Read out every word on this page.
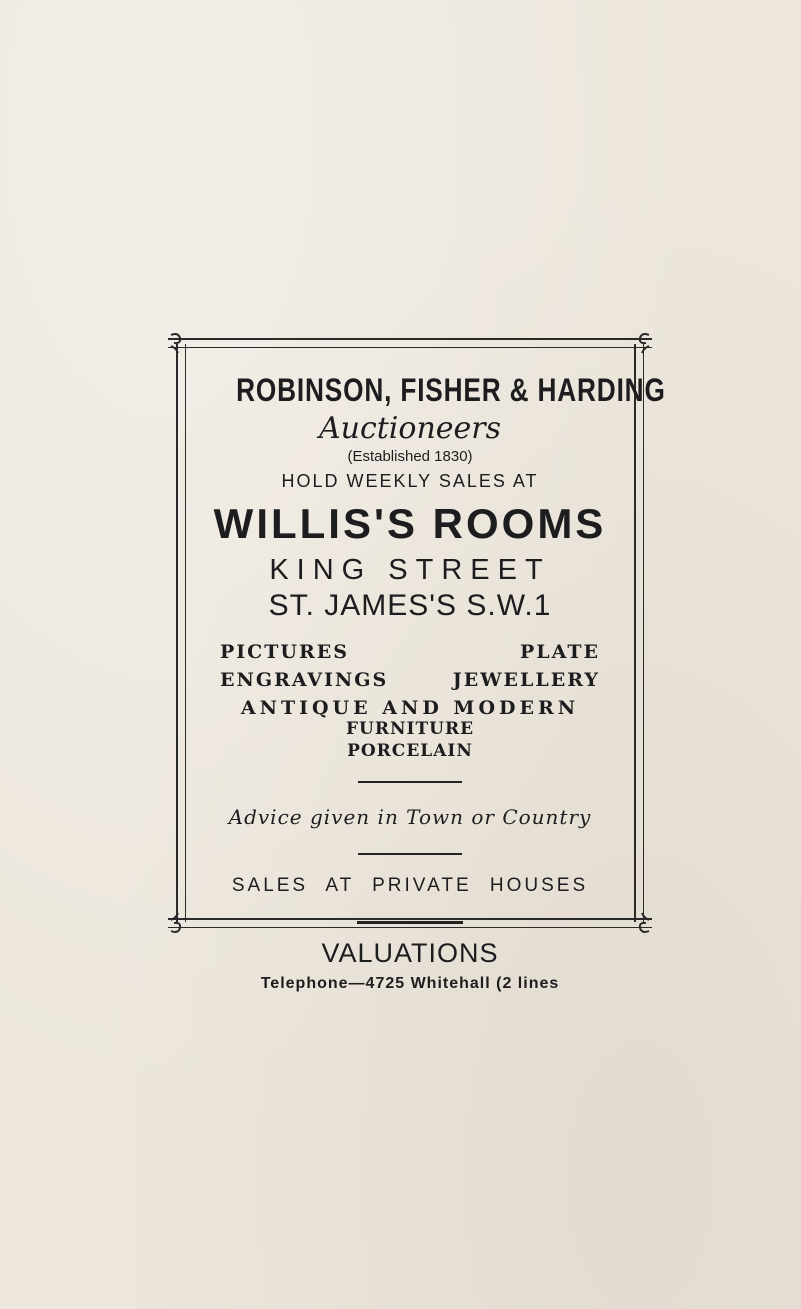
ROBINSON, FISHER & HARDING

Auctioneers

(Established 1830)

HOLD WEEKLY SALES AT

WILLIS'S ROOMS

KING STREET

ST. JAMES'S S.W.1

PICTURES	PLATE
ENGRAVINGS	JEWELLERY

ANTIQUE AND MODERN

FURNITURE

PORCELAIN

Advice given in Town or Country

SALES AT PRIVATE HOUSES

VALUATIONS

Telephone—4725 Whitehall (2 lines
